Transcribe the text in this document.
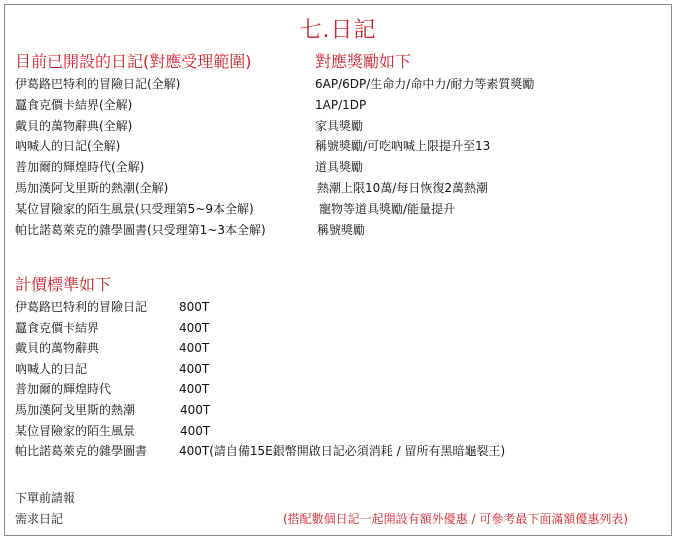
七.日記
目前已開設的日記(對應受理範圍)	對應獎勵如下
伊葛路巴特利的冒險日記(全解)	6AP/6DP/生命力/命中力/耐力等素質獎勵
蠶食克價卡結界(全解)	1AP/1DP
戴貝的萬物辭典(全解)	家具獎勵
吶喊人的日記(全解)	稱號獎勵/可吃吶喊上限提升至13
普加爾的輝煌時代(全解)	道具獎勵
馬加漢阿戈里斯的熱潮(全解)	熱潮上限10萬/每日恢復2萬熱潮
某位冒險家的陌生風景(只受理第5~9本全解)	寵物等道具獎勵/能量提升
帕比諾葛萊克的雜學圖書(只受理第1~3本全解)	稱號獎勵
計價標準如下
伊葛路巴特利的冒險日記	800T
蠶食克價卡結界	400T
戴貝的萬物辭典	400T
吶喊人的日記	400T
普加爾的輝煌時代	400T
馬加漢阿戈里斯的熱潮	400T
某位冒險家的陌生風景	400T
帕比諾葛萊克的雜學圖書	400T(請自備15E銀幣開啟日記必須消耗 / 留所有黑暗龜裂王)
下單前請報
需求日記	(搭配數個日記一起開設有額外優惠 / 可參考最下面滿額優惠列表)
